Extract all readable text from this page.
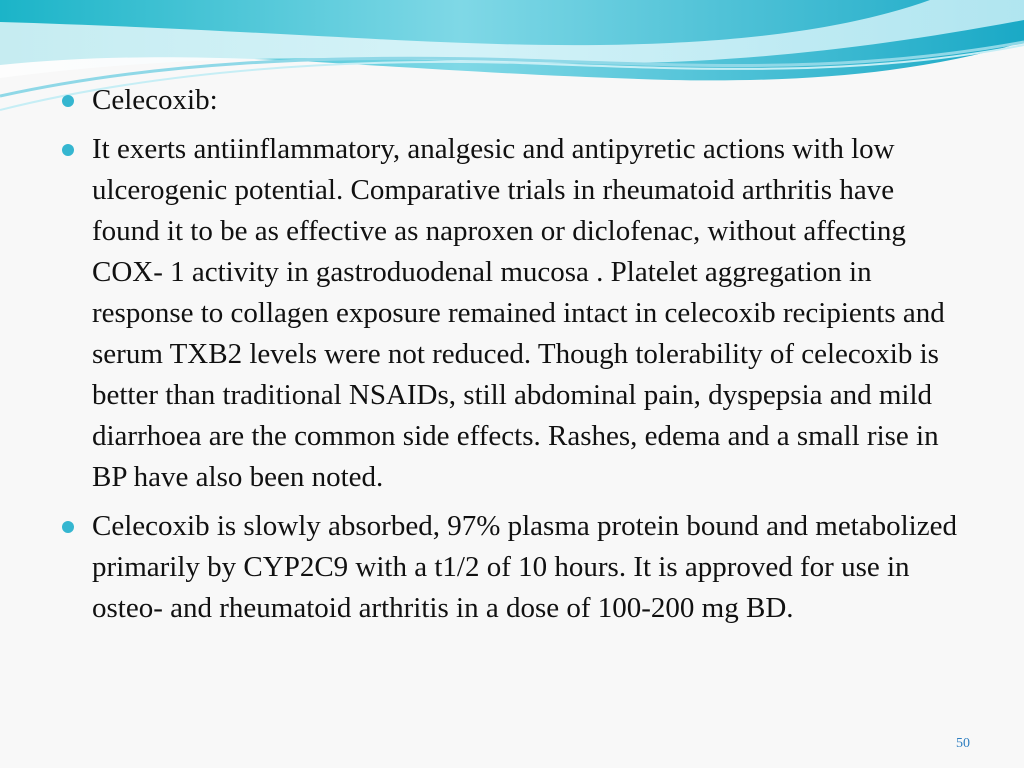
Celecoxib:
It exerts antiinflammatory, analgesic and antipyretic actions with low ulcerogenic potential. Comparative trials in rheumatoid arthritis have found it to be as effective as naproxen or diclofenac, without affecting COX- 1 activity in gastroduodenal mucosa . Platelet aggregation in response to collagen exposure remained intact in celecoxib recipients and serum TXB2 levels were not reduced. Though tolerability of celecoxib is better than traditional NSAIDs, still abdominal pain, dyspepsia and mild diarrhoea are the common side effects. Rashes, edema and a small rise in BP have also been noted.
Celecoxib is slowly absorbed, 97% plasma protein bound and metabolized primarily by CYP2C9 with a t1/2 of 10 hours. It is approved for use in osteo- and rheumatoid arthritis in a dose of 100-200 mg BD.
50
